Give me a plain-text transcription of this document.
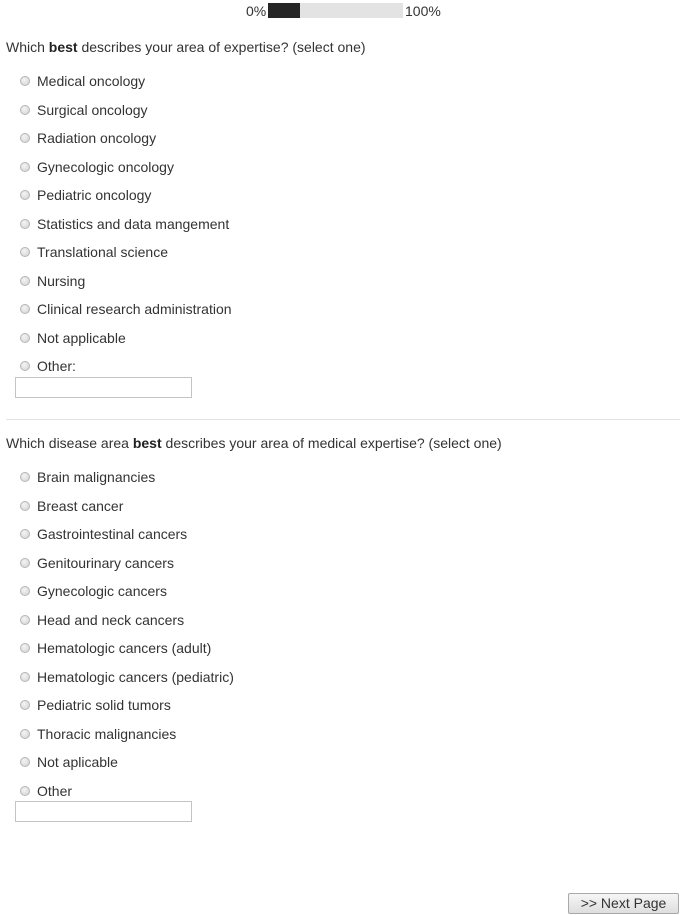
0%	100%
Which best describes your area of expertise? (select one)
Medical oncology
Surgical oncology
Radiation oncology
Gynecologic oncology
Pediatric oncology
Statistics and data mangement
Translational science
Nursing
Clinical research administration
Not applicable
Other:
Which disease area best describes your area of medical expertise? (select one)
Brain malignancies
Breast cancer
Gastrointestinal cancers
Genitourinary cancers
Gynecologic cancers
Head and neck cancers
Hematologic cancers (adult)
Hematologic cancers (pediatric)
Pediatric solid tumors
Thoracic malignancies
Not aplicable
Other
>> Next Page
